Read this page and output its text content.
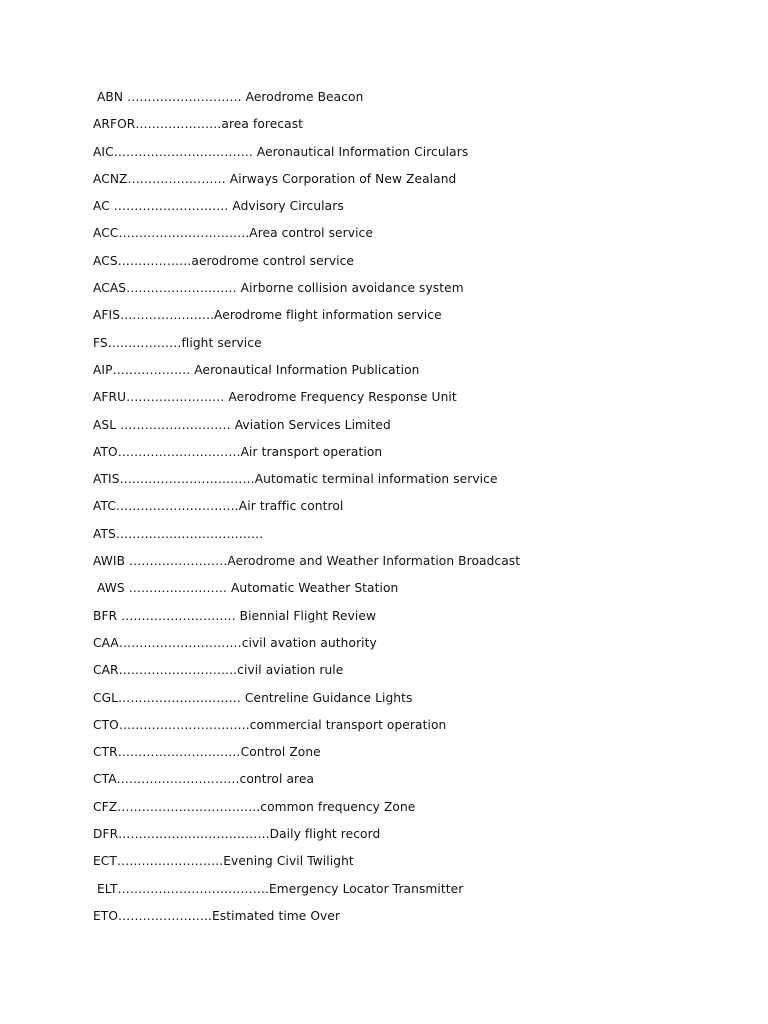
ABN ………………………. Aerodrome Beacon
ARFOR…………………area forecast
AIC……………………………. Aeronautical Information Circulars
ACNZ…………………… Airways Corporation of New Zealand
AC ………………………. Advisory Circulars
ACC…………………………..Area control service
ACS………………aerodrome control service
ACAS……………………… Airborne collision avoidance system
AFIS…………………..Aerodrome flight information service
FS………………flight service
AIP………………. Aeronautical Information Publication
AFRU…………………… Aerodrome Frequency Response Unit
ASL ……………………… Aviation Services Limited
ATO…………………………Air transport operation
ATIS……………………………Automatic terminal information service
ATC…………………………Air traffic control
ATS………………………………
AWIB ……………………Aerodrome and Weather Information Broadcast
AWS …………………… Automatic Weather Station
BFR ………………………. Biennial Flight Review
CAA…………………………civil avation authority
CAR………………………..civil aviation rule
CGL………………………… Centreline Guidance Lights
CTO…………………………..commercial transport operation
CTR…………………………Control Zone
CTA…………………………control area
CFZ……………………………..common frequency Zone
DFR……………………………….Daily flight record
ECT……………………..Evening Civil Twilight
ELT……………………………….Emergency Locator Transmitter
ETO…………………..Estimated time Over
